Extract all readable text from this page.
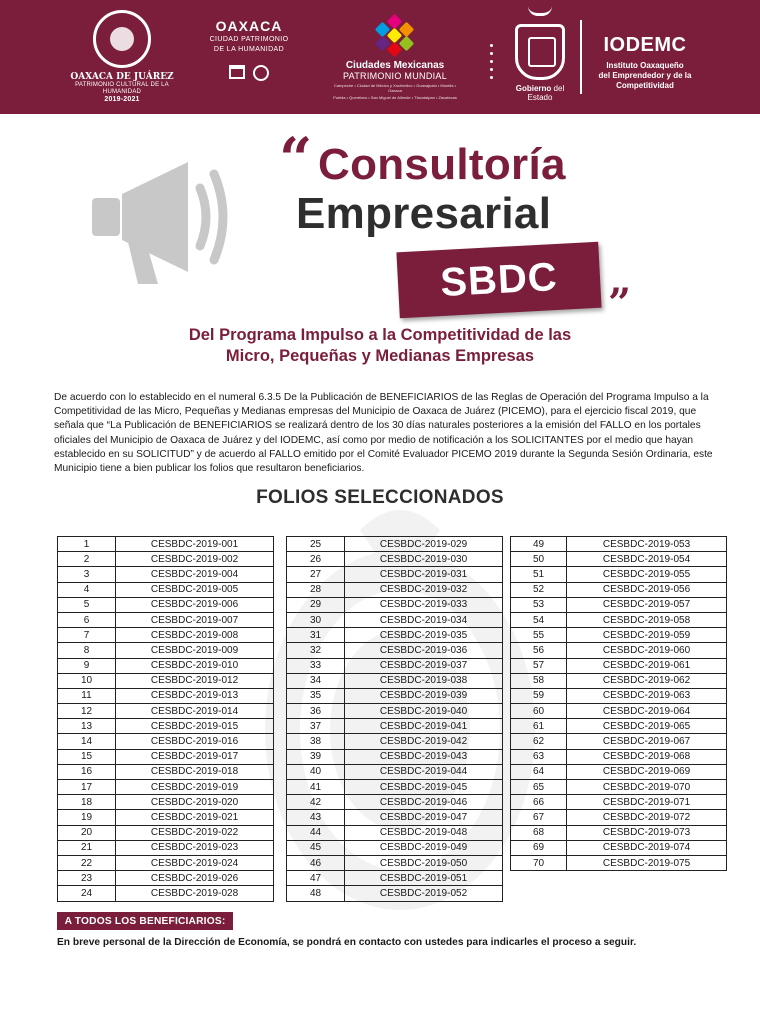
OAXACA DE JUÁREZ
PATRIMONIO CULTURAL DE LA HUMANIDAD
2019-2021
OAXACA
CIUDAD PATRIMONIO
DE LA HUMANIDAD
Ciudades Mexicanas
PATRIMONIO MUNDIAL
Campeche • Ciudad de México y Xochimilco • Guanajuato • Morelia • Oaxaca
Puebla • Querétaro • San Miguel de Allende • Tlacotalpan • Zacatecas
Gobierno del Estado
IODEMC
Instituto Oaxaqueño
del Emprendedor y de la
Competitividad
“ Consultoría
Empresarial
SBDC ”
Del Programa Impulso a la Competitividad de las
Micro, Pequeñas y Medianas Empresas

De acuerdo con lo establecido en el numeral 6.3.5 De la Publicación de BENEFICIARIOS de las Reglas de Operación del Programa Impulso a la Competitividad de las Micro, Pequeñas y Medianas empresas del Municipio de Oaxaca de Juárez (PICEMO), para el ejercicio fiscal 2019, que señala que “La Publicación de BENEFICIARIOS se realizará dentro de los 30 días naturales posteriores a la emisión del FALLO en los portales oficiales del Municipio de Oaxaca de Juárez y del IODEMC, así como por medio de notificación a los SOLICITANTES por el medio que hayan establecido en su SOLICITUD” y de acuerdo al FALLO emitido por el Comité Evaluador PICEMO 2019 durante la Segunda Sesión Ordinaria, este Municipio tiene a bien publicar los folios que resultaron beneficiarios.

FOLIOS SELECCIONADOS
1	CESBDC-2019-001
2	CESBDC-2019-002
3	CESBDC-2019-004
4	CESBDC-2019-005
5	CESBDC-2019-006
6	CESBDC-2019-007
7	CESBDC-2019-008
8	CESBDC-2019-009
9	CESBDC-2019-010
10	CESBDC-2019-012
11	CESBDC-2019-013
12	CESBDC-2019-014
13	CESBDC-2019-015
14	CESBDC-2019-016
15	CESBDC-2019-017
16	CESBDC-2019-018
17	CESBDC-2019-019
18	CESBDC-2019-020
19	CESBDC-2019-021
20	CESBDC-2019-022
21	CESBDC-2019-023
22	CESBDC-2019-024
23	CESBDC-2019-026
24	CESBDC-2019-028
25	CESBDC-2019-029
26	CESBDC-2019-030
27	CESBDC-2019-031
28	CESBDC-2019-032
29	CESBDC-2019-033
30	CESBDC-2019-034
31	CESBDC-2019-035
32	CESBDC-2019-036
33	CESBDC-2019-037
34	CESBDC-2019-038
35	CESBDC-2019-039
36	CESBDC-2019-040
37	CESBDC-2019-041
38	CESBDC-2019-042
39	CESBDC-2019-043
40	CESBDC-2019-044
41	CESBDC-2019-045
42	CESBDC-2019-046
43	CESBDC-2019-047
44	CESBDC-2019-048
45	CESBDC-2019-049
46	CESBDC-2019-050
47	CESBDC-2019-051
48	CESBDC-2019-052
49	CESBDC-2019-053
50	CESBDC-2019-054
51	CESBDC-2019-055
52	CESBDC-2019-056
53	CESBDC-2019-057
54	CESBDC-2019-058
55	CESBDC-2019-059
56	CESBDC-2019-060
57	CESBDC-2019-061
58	CESBDC-2019-062
59	CESBDC-2019-063
60	CESBDC-2019-064
61	CESBDC-2019-065
62	CESBDC-2019-067
63	CESBDC-2019-068
64	CESBDC-2019-069
65	CESBDC-2019-070
66	CESBDC-2019-071
67	CESBDC-2019-072
68	CESBDC-2019-073
69	CESBDC-2019-074
70	CESBDC-2019-075
A TODOS LOS BENEFICIARIOS:
En breve personal de la Dirección de Economía, se pondrá en contacto con ustedes para indicarles el proceso a seguir.
